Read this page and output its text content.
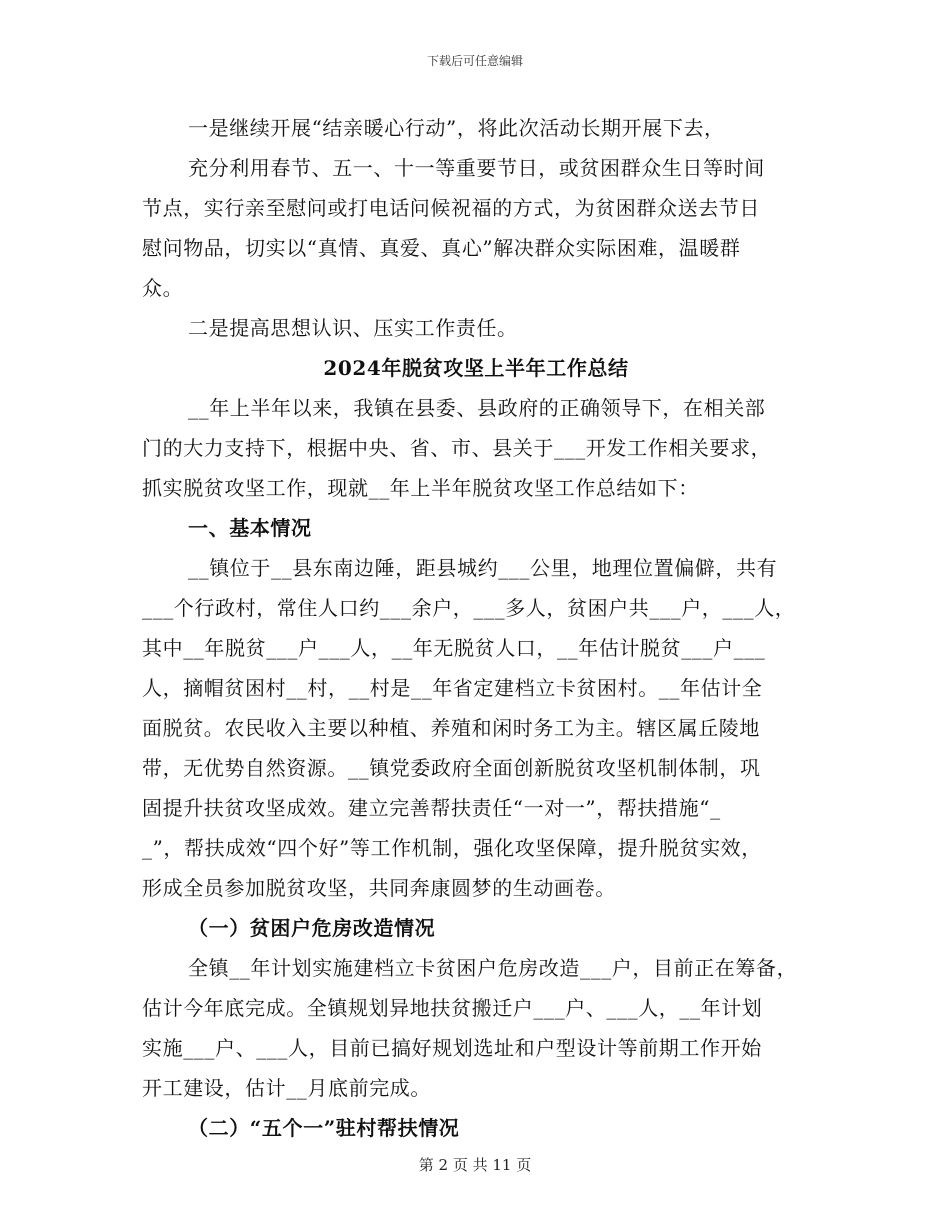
下载后可任意编辑
一是继续开展“结亲暖心行动”，将此次活动长期开展下去，
充分利用春节、五一、十一等重要节日，或贫困群众生日等时间
节点，实行亲至慰问或打电话问候祝福的方式，为贫困群众送去节日
慰问物品，切实以“真情、真爱、真心”解决群众实际困难，温暖群
众。
二是提高思想认识、压实工作责任。
2024年脱贫攻坚上半年工作总结
__年上半年以来，我镇在县委、县政府的正确领导下，在相关部
门的大力支持下，根据中央、省、市、县关于___开发工作相关要求，
抓实脱贫攻坚工作，现就__年上半年脱贫攻坚工作总结如下：
一、基本情况
__镇位于__县东南边陲，距县城约___公里，地理位置偏僻，共有
___个行政村，常住人口约___余户，___多人，贫困户共___户，___人，
其中__年脱贫___户___人，__年无脱贫人口，__年估计脱贫___户___
人，摘帽贫困村__村，__村是__年省定建档立卡贫困村。__年估计全
面脱贫。农民收入主要以种植、养殖和闲时务工为主。辖区属丘陵地
带，无优势自然资源。__镇党委政府全面创新脱贫攻坚机制体制，巩
固提升扶贫攻坚成效。建立完善帮扶责任“一对一”，帮扶措施“_
_”，帮扶成效“四个好”等工作机制，强化攻坚保障，提升脱贫实效，
形成全员参加脱贫攻坚，共同奔康圆梦的生动画卷。
（一）贫困户危房改造情况
全镇__年计划实施建档立卡贫困户危房改造___户，目前正在筹备，
估计今年底完成。全镇规划异地扶贫搬迁户___户、___人，__年计划
实施___户、___人，目前已搞好规划选址和户型设计等前期工作开始
开工建设，估计__月底前完成。
（二）“五个一”驻村帮扶情况
第 2 页 共 11 页
